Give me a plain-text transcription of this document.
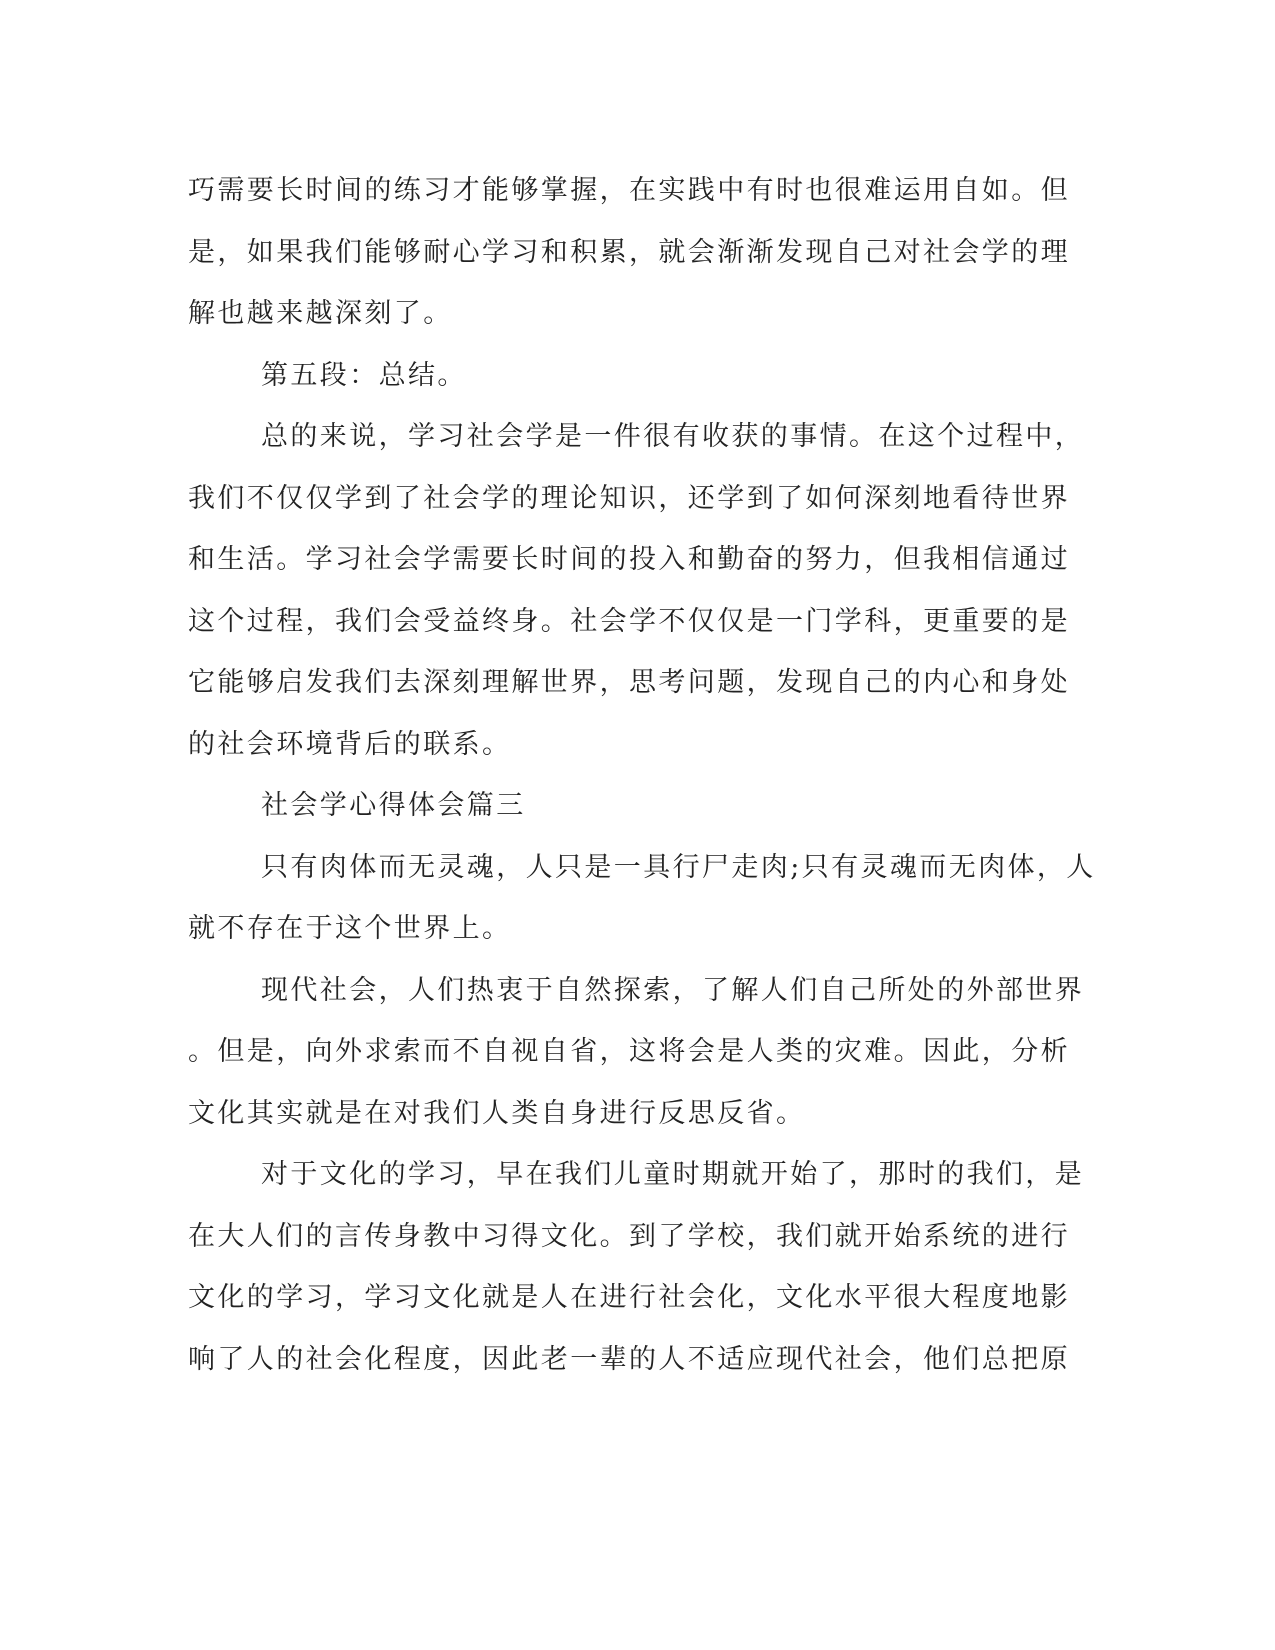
巧需要长时间的练习才能够掌握，在实践中有时也很难运用自如。但
是，如果我们能够耐心学习和积累，就会渐渐发现自己对社会学的理
解也越来越深刻了。
第五段：总结。
总的来说，学习社会学是一件很有收获的事情。在这个过程中，
我们不仅仅学到了社会学的理论知识，还学到了如何深刻地看待世界
和生活。学习社会学需要长时间的投入和勤奋的努力，但我相信通过
这个过程，我们会受益终身。社会学不仅仅是一门学科，更重要的是
它能够启发我们去深刻理解世界，思考问题，发现自己的内心和身处
的社会环境背后的联系。
社会学心得体会篇三
只有肉体而无灵魂，人只是一具行尸走肉;只有灵魂而无肉体，人
就不存在于这个世界上。
现代社会，人们热衷于自然探索，了解人们自己所处的外部世界
。但是，向外求索而不自视自省，这将会是人类的灾难。因此，分析
文化其实就是在对我们人类自身进行反思反省。
对于文化的学习，早在我们儿童时期就开始了，那时的我们，是
在大人们的言传身教中习得文化。到了学校，我们就开始系统的进行
文化的学习，学习文化就是人在进行社会化，文化水平很大程度地影
响了人的社会化程度，因此老一辈的人不适应现代社会，他们总把原
